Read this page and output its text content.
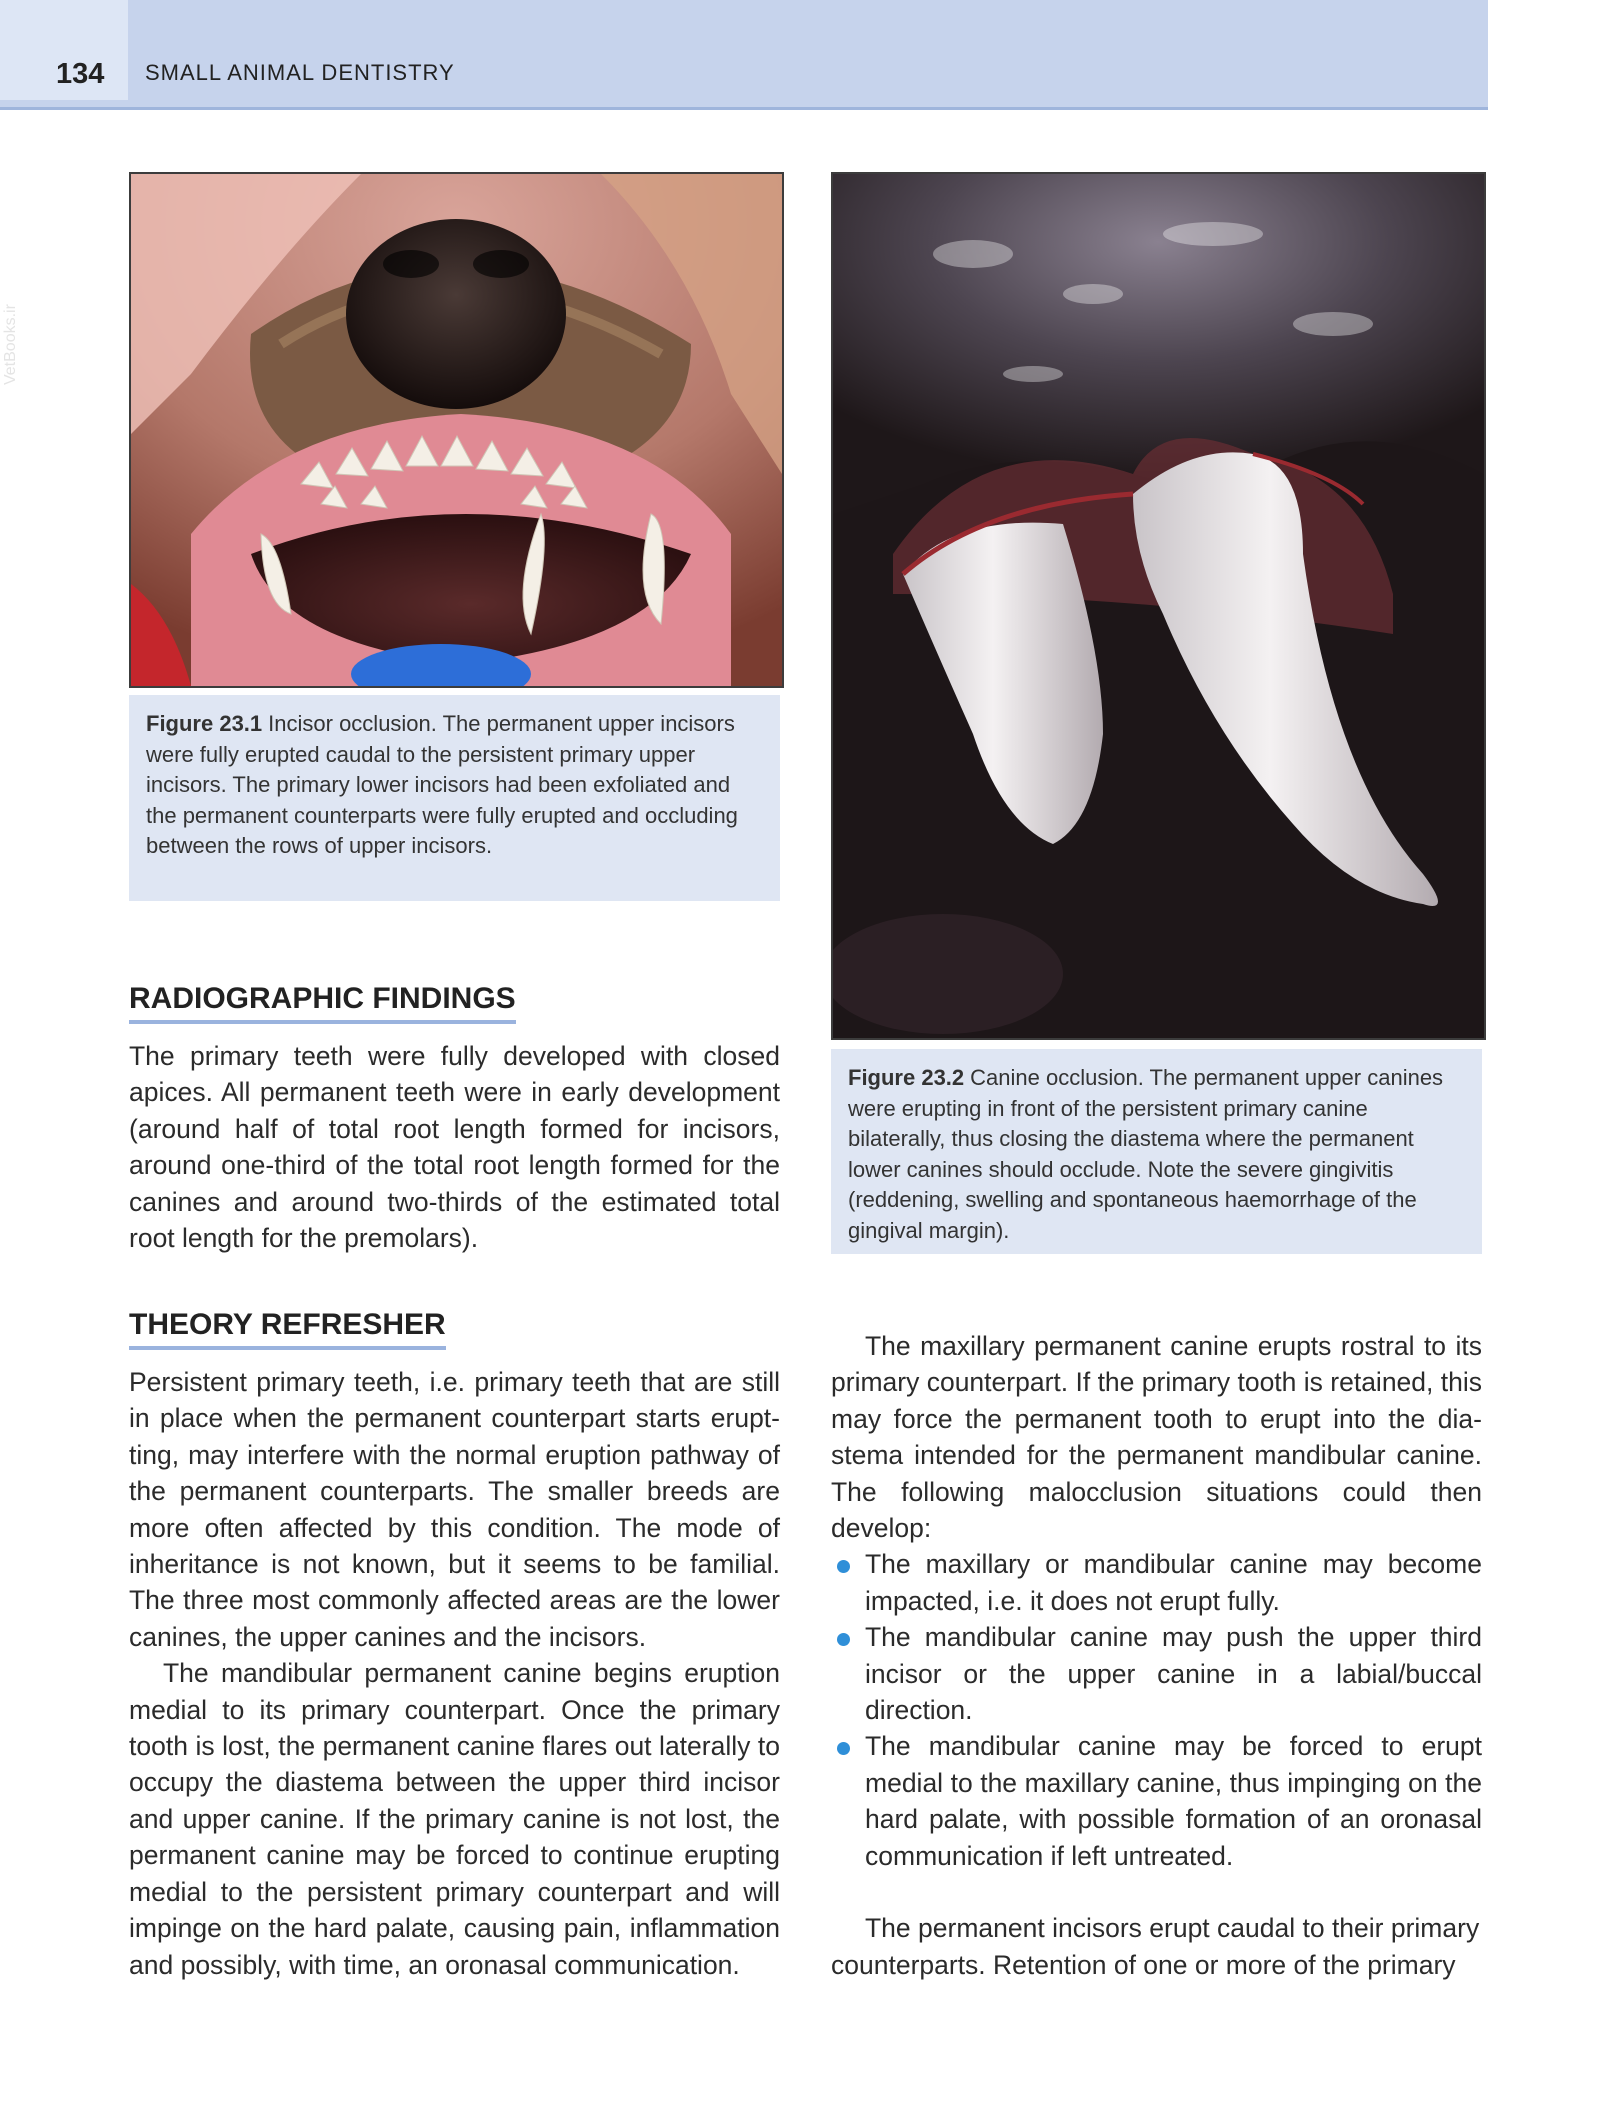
134 SMALL ANIMAL DENTISTRY
VetBooks.ir
Figure 23.1 Incisor occlusion. The permanent upper incisors were fully erupted caudal to the persistent primary upper incisors. The primary lower incisors had been exfoliated and the permanent counterparts were fully erupted and occluding between the rows of upper incisors.
Figure 23.2 Canine occlusion. The permanent upper canines were erupting in front of the persistent primary canine bilaterally, thus closing the diastema where the permanent lower canines should occlude. Note the severe gingivitis (reddening, swelling and spontaneous haemorrhage of the gingival margin).
RADIOGRAPHIC FINDINGS

The primary teeth were fully developed with closed apices. All permanent teeth were in early development (around half of total root length formed for incisors, around one-third of the total root length formed for the canines and around two-thirds of the estimated total root length for the premolars).

THEORY REFRESHER

Persistent primary teeth, i.e. primary teeth that are still in place when the permanent counterpart starts eruptting, may interfere with the normal eruption pathway of the permanent counterparts. The smaller breeds are more often affected by this condition. The mode of inheritance is not known, but it seems to be familial. The three most commonly affected areas are the lower canines, the upper canines and the incisors.

The mandibular permanent canine begins eruption medial to its primary counterpart. Once the primary tooth is lost, the permanent canine flares out laterally to occupy the diastema between the upper third incisor and upper canine. If the primary canine is not lost, the permanent canine may be forced to continue erupting medial to the persistent primary counterpart and will impinge on the hard palate, causing pain, inflammation and possibly, with time, an oronasal communication.

The maxillary permanent canine erupts rostral to its primary counterpart. If the primary tooth is retained, this may force the permanent tooth to erupt into the diastema intended for the permanent mandibular canine. The following malocclusion situations could then develop:

The maxillary or mandibular canine may become impacted, i.e. it does not erupt fully.
The mandibular canine may push the upper third incisor or the upper canine in a labial/buccal direction.
The mandibular canine may be forced to erupt medial to the maxillary canine, thus impinging on the hard palate, with possible formation of an oronasal communication if left untreated.

The permanent incisors erupt caudal to their primary counterparts. Retention of one or more of the primary
